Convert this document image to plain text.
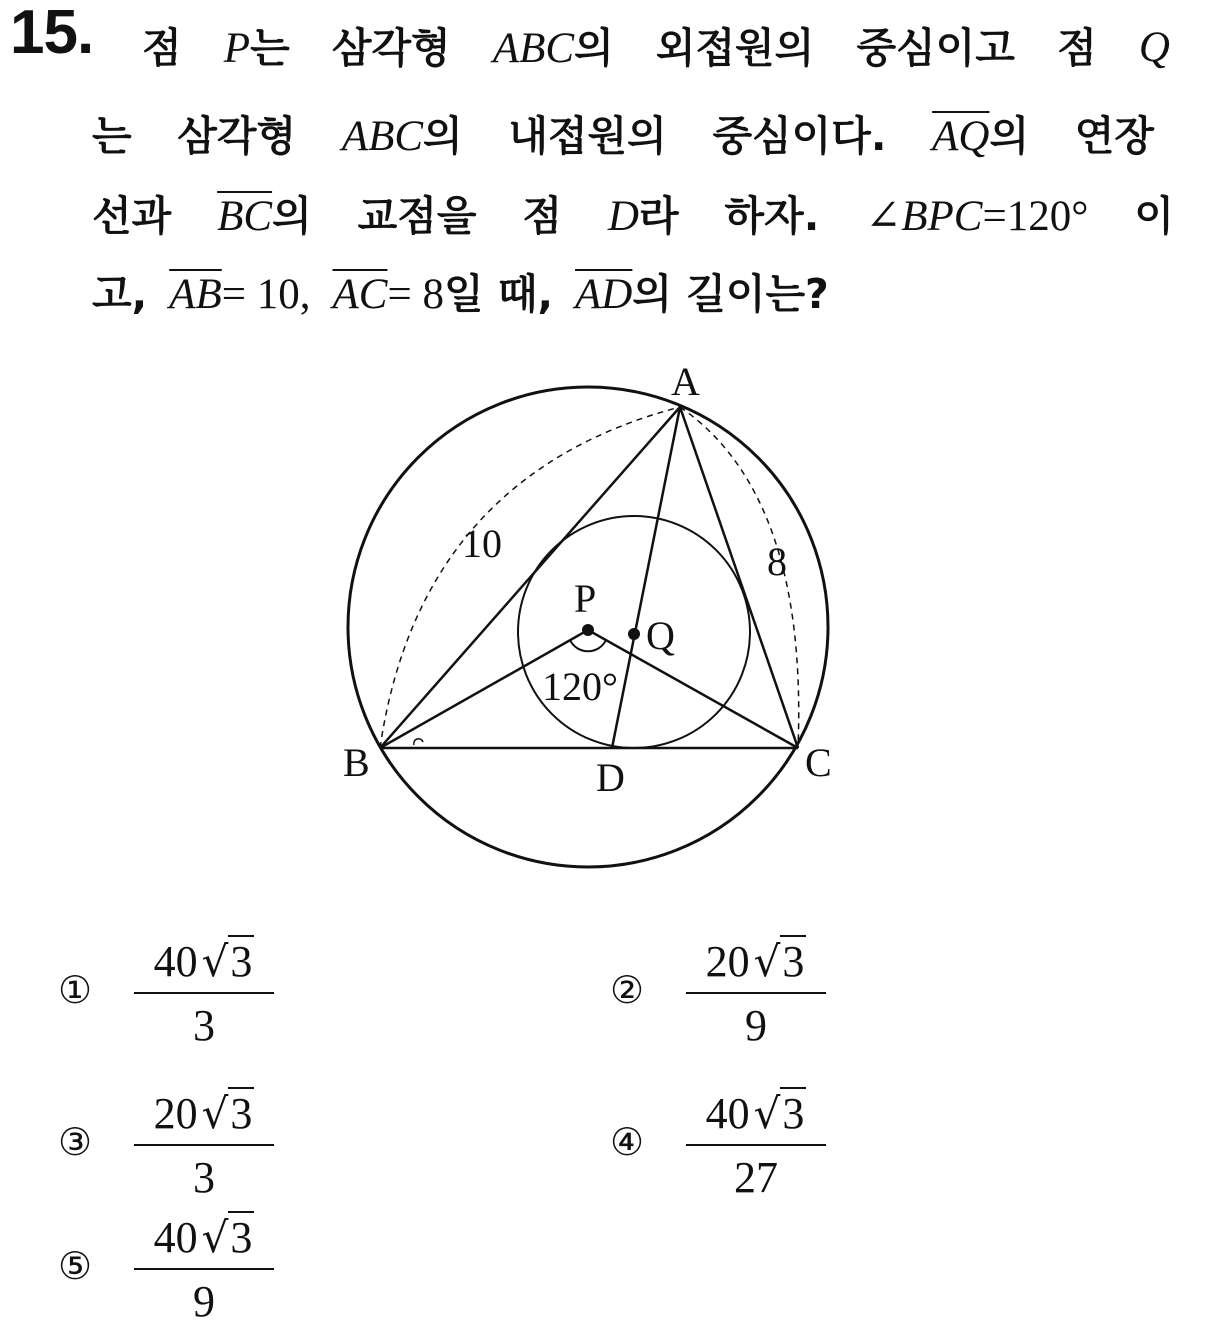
15. 점 P는 삼각형 ABC의 외접원의 중심이고 점 Q
는 삼각형 ABC의 내접원의 중심이다. $\overline{AQ}$의 연장
선과 $\overline{BC}$의 교점을 점 D라 하자. ∠BPC=120° 이
고, $\overline{AB}= 10$, $\overline{AC}= 8$일 때, $\overline{AD}$의 길이는?
A
B	C
D
P
Q
120°
10	8
①
40√3
3
②
20√3
9
③
20√3
3
④
40√3
27
⑤
40√3
9
